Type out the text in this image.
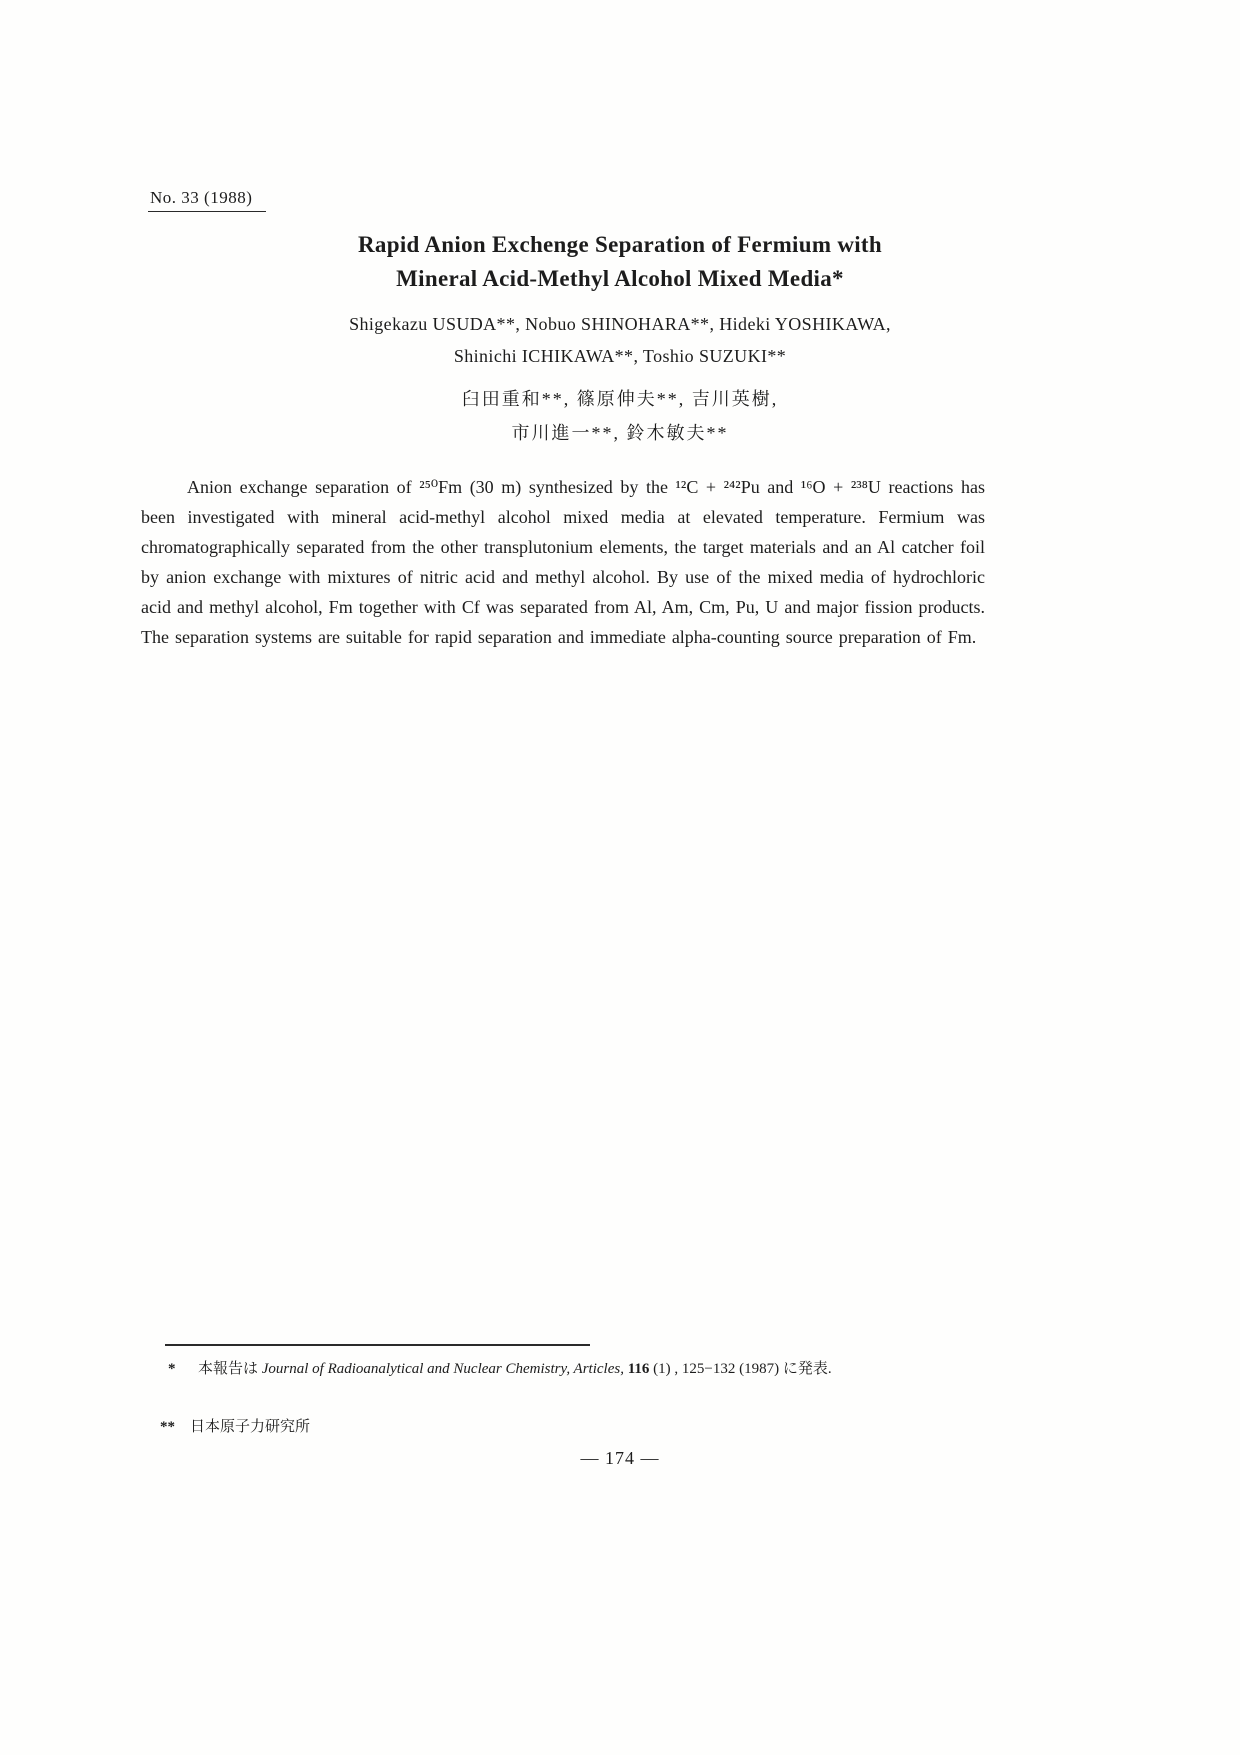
No. 33 (1988)
Rapid Anion Exchenge Separation of Fermium with
Mineral Acid-Methyl Alcohol Mixed Media*
Shigekazu USUDA**, Nobuo SHINOHARA**, Hideki YOSHIKAWA,
Shinichi ICHIKAWA**, Toshio SUZUKI**
臼田重和**, 篠原伸夫**, 吉川英樹,
市川進一**, 鈴木敏夫**
Anion exchange separation of ²⁵⁰Fm (30 m) synthesized by the ¹²C + ²⁴²Pu and ¹⁶O + ²³⁸U reactions has been investigated with mineral acid-methyl alcohol mixed media at elevated temperature. Fermium was chromatographically separated from the other transplutonium elements, the target materials and an Al catcher foil by anion exchange with mixtures of nitric acid and methyl alcohol. By use of the mixed media of hydrochloric acid and methyl alcohol, Fm together with Cf was separated from Al, Am, Cm, Pu, U and major fission products. The separation systems are suitable for rapid separation and immediate alpha-counting source preparation of Fm.
* 本報告は Journal of Radioanalytical and Nuclear Chemistry, Articles, 116 (1) , 125−132 (1987) に発表.
** 日本原子力研究所
— 174 —
